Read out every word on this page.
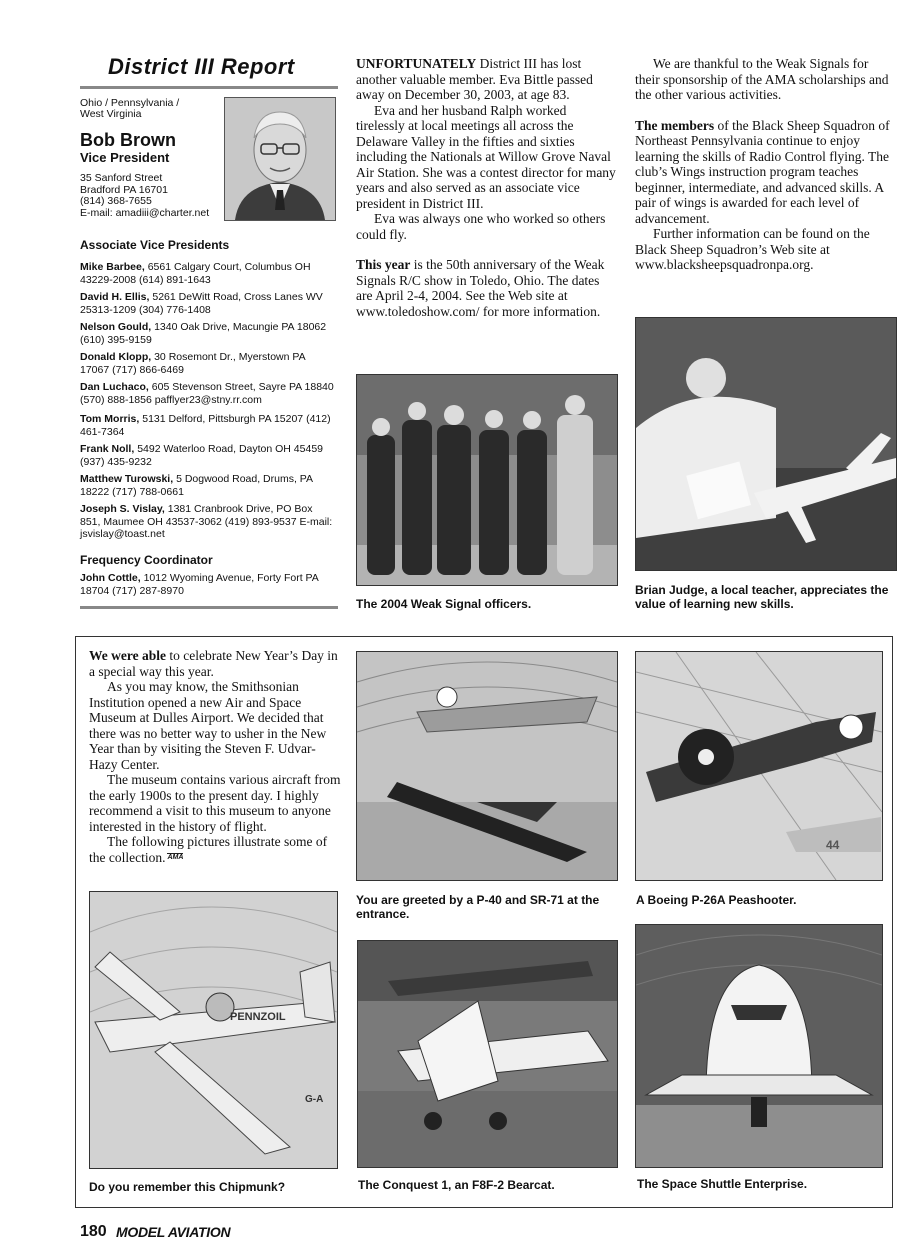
District III Report
Ohio / Pennsylvania /
West Virginia
Bob Brown
Vice President
35 Sanford Street
Bradford PA 16701
(814) 368-7655
E-mail: amadiii@charter.net
Associate Vice Presidents
Mike Barbee, 6561 Calgary Court, Columbus OH 43229-2008 (614) 891-1643
David H. Ellis, 5261 DeWitt Road, Cross Lanes WV 25313-1209 (304) 776-1408
Nelson Gould, 1340 Oak Drive, Macungie PA 18062 (610) 395-9159
Donald Klopp, 30 Rosemont Dr., Myerstown PA 17067 (717) 866-6469
Dan Luchaco, 605 Stevenson Street, Sayre PA 18840 (570) 888-1856 pafflyer23@stny.rr.com
Tom Morris, 5131 Delford, Pittsburgh PA 15207 (412) 461-7364
Frank Noll, 5492 Waterloo Road, Dayton OH 45459 (937) 435-9232
Matthew Turowski, 5 Dogwood Road, Drums, PA 18222 (717) 788-0661
Joseph S. Vislay, 1381 Cranbrook Drive, PO Box 851, Maumee OH 43537-3062 (419) 893-9537 E-mail: jsvislay@toast.net
Frequency Coordinator
John Cottle, 1012 Wyoming Avenue, Forty Fort PA 18704 (717) 287-8970

UNFORTUNATELY District III has lost another valuable member. Eva Bittle passed away on December 30, 2003, at age 83.

Eva and her husband Ralph worked tirelessly at local meetings all across the Delaware Valley in the fifties and sixties including the Nationals at Willow Grove Naval Air Station. She was a contest director for many years and also served as an associate vice president in District III.

Eva was always one who worked so others could fly.

This year is the 50th anniversary of the Weak Signals R/C show in Toledo, Ohio. The dates are April 2-4, 2004. See the Web site at www.toledoshow.com/ for more information.

The 2004 Weak Signal officers.

We are thankful to the Weak Signals for their sponsorship of the AMA scholarships and the other various activities.

The members of the Black Sheep Squadron of Northeast Pennsylvania continue to enjoy learning the skills of Radio Control flying. The club’s Wings instruction program teaches beginner, intermediate, and advanced skills. A pair of wings is awarded for each level of advancement.

Further information can be found on the Black Sheep Squadron’s Web site at www.blacksheepsquadronpa.org.

Brian Judge, a local teacher, appreciates the value of learning new skills.

We were able to celebrate New Year’s Day in a special way this year.

As you may know, the Smithsonian Institution opened a new Air and Space Museum at Dulles Airport. We decided that there was no better way to usher in the New Year than by visiting the Steven F. Udvar-Hazy Center.

The museum contains various aircraft from the early 1900s to the present day. I highly recommend a visit to this museum to anyone interested in the history of flight.

The following pictures illustrate some of the collection. $^{AMA}$

You are greeted by a P-40 and SR-71 at the entrance.
44
A Boeing P-26A Peashooter.
PENNZOIL
G-A
Do you remember this Chipmunk?	The Conquest 1, an F8F-2 Bearcat.	The Space Shuttle Enterprise.
180 MODEL AVIATION
